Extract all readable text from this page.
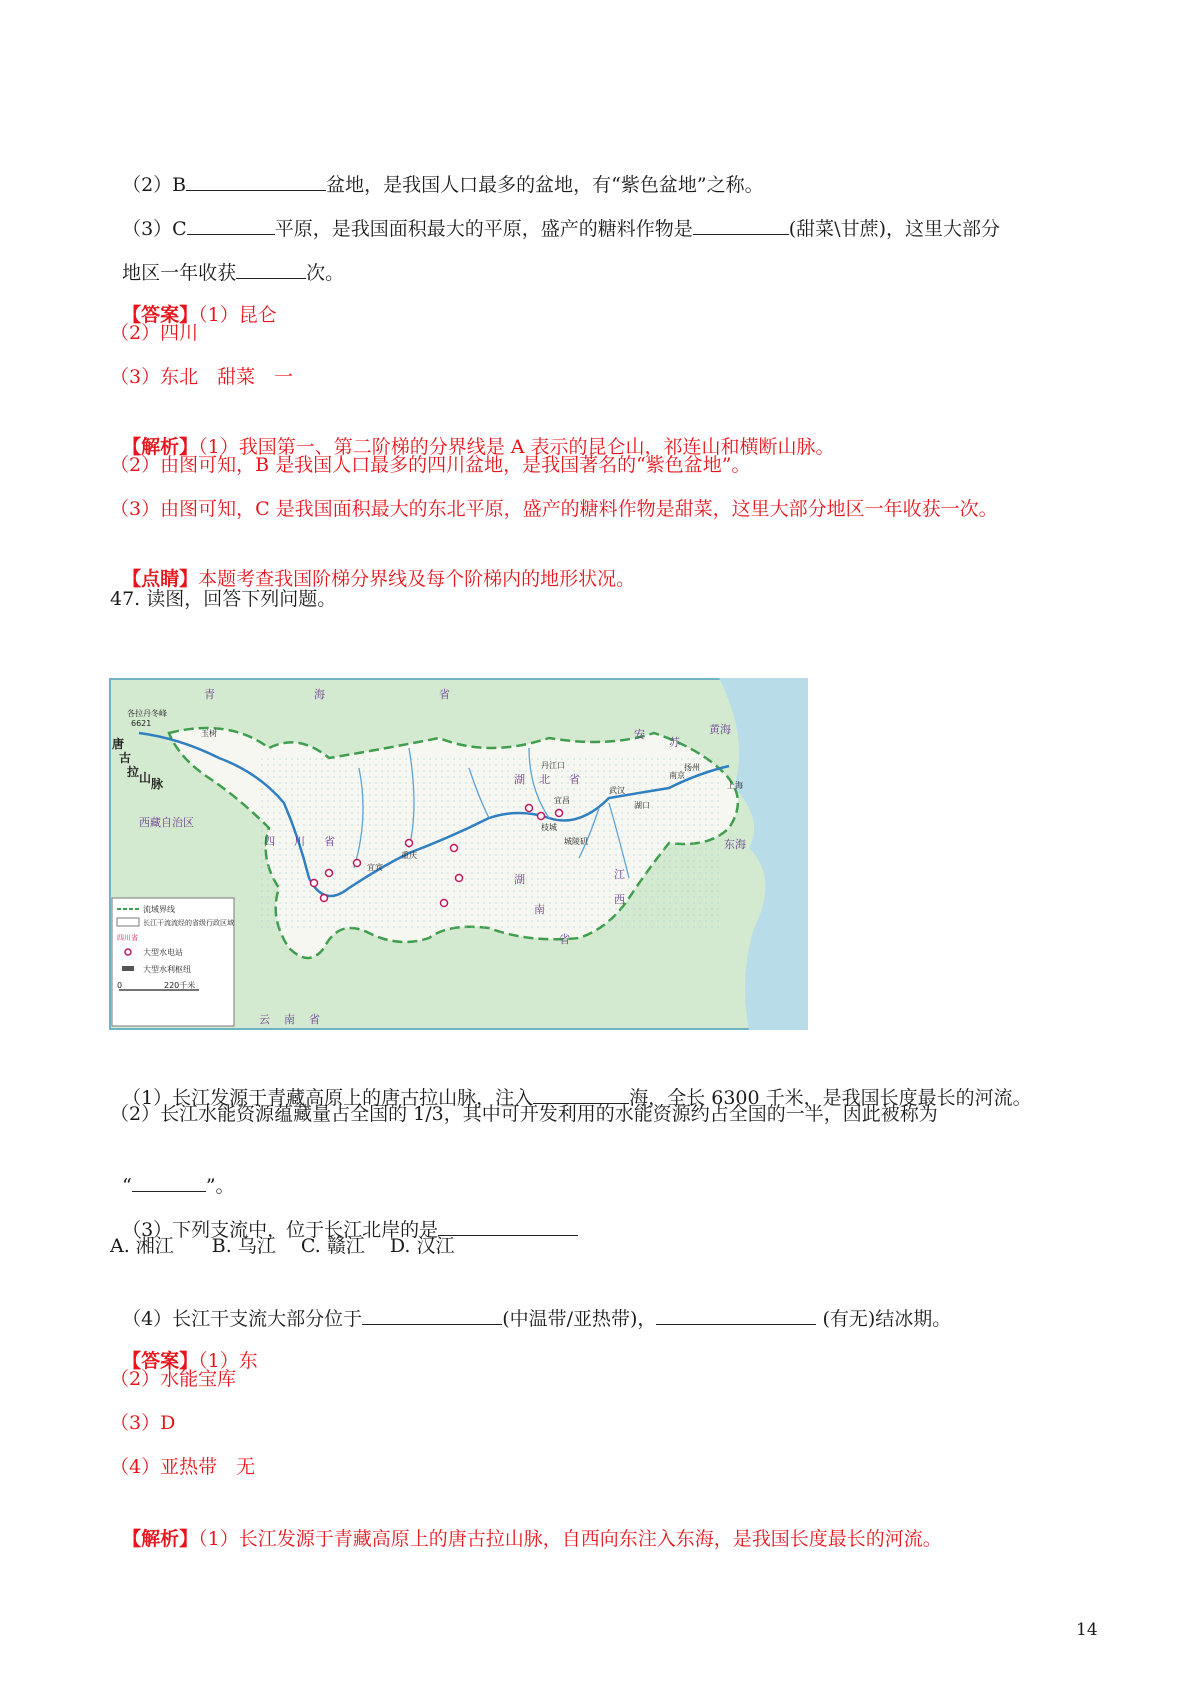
（2）B	盆地，是我国人口最多的盆地，有“紫色盆地”之称。

（3）C	平原，是我国面积最大的平原，盛产的糖料作物是	(甜菜\甘蔗)，这里大部分

地区一年收获	次。

【答案】（1）昆仑

（2）四川
（3）东北　甜菜　一

【解析】（1）我国第一、第二阶梯的分界线是 A 表示的昆仑山，祁连山和横断山脉。

（2）由图可知，B 是我国人口最多的四川盆地，是我国著名的“紫色盆地”。
（3）由图可知，C 是我国面积最大的东北平原，盛产的糖料作物是甜菜，这里大部分地区一年收获一次。

【点睛】本题考查我国阶梯分界线及每个阶梯内的地形状况。

47. 读图，回答下列问题。
青	海	省
西藏自治区
四 川 省
湖 北 省
湖
南
省
安
苏
江
西
云 南 省
黄海
东海
各拉丹冬峰
6621
唐
古
拉 山 脉
玉树
重庆
宜宾
武汉
宜昌
枝城
城陵矶
丹江口	扬州
上海
南京
湖口
流域界线
长江干流流经的省级行政区域
四川省
大型水电站
大型水利枢纽
0	220千米

（1）长江发源于青藏高原上的唐古拉山脉，注入	海，全长 6300 千米，是我国长度最长的河流。

（2）长江水能资源蕴藏量占全国的 1/3，其中可开发利用的水能资源约占全国的一半，因此被称为

“	”。

（3）下列支流中，位于长江北岸的是

A. 湘江　　B. 乌江　 C. 赣江　 D. 汉江

（4）长江干支流大部分位于	(中温带/亚热带)，	(有无)结冰期。

【答案】（1）东

（2）水能宝库
（3）D
（4）亚热带　无

【解析】（1）长江发源于青藏高原上的唐古拉山脉，自西向东注入东海，是我国长度最长的河流。

14
